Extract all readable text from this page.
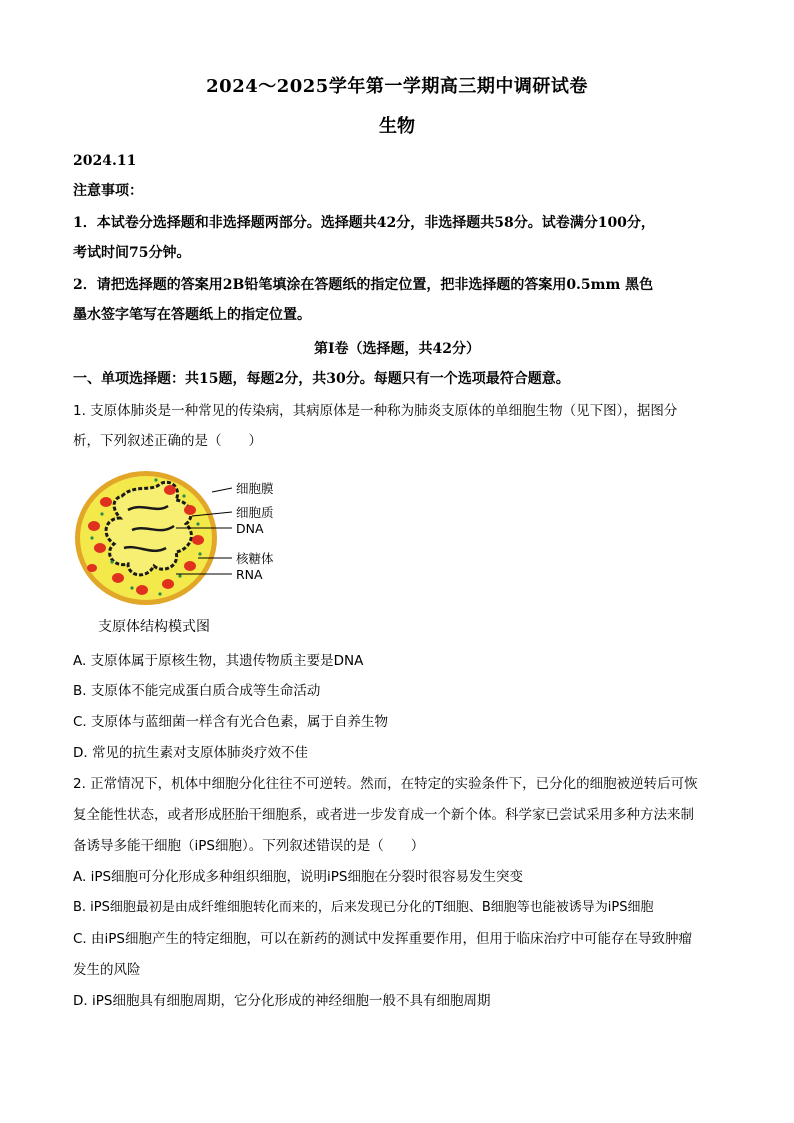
2024～2025学年第一学期高三期中调研试卷
生物
2024.11
注意事项：
1．本试卷分选择题和非选择题两部分。选择题共42分，非选择题共58分。试卷满分100分，
考试时间75分钟。
2．请把选择题的答案用2B铅笔填涂在答题纸的指定位置，把非选择题的答案用0.5mm 黑色
墨水签字笔写在答题纸上的指定位置。
第Ⅰ卷（选择题，共42分）
一、单项选择题：共15题，每题2分，共30分。每题只有一个选项最符合题意。
1. 支原体肺炎是一种常见的传染病，其病原体是一种称为肺炎支原体的单细胞生物（见下图），据图分
析，下列叙述正确的是（　　）
细胞膜
细胞质
DNA
核糖体
RNA
支原体结构模式图
A. 支原体属于原核生物，其遗传物质主要是DNA
B. 支原体不能完成蛋白质合成等生命活动
C. 支原体与蓝细菌一样含有光合色素，属于自养生物
D. 常见的抗生素对支原体肺炎疗效不佳
2. 正常情况下，机体中细胞分化往往不可逆转。然而，在特定的实验条件下，已分化的细胞被逆转后可恢
复全能性状态，或者形成胚胎干细胞系，或者进一步发育成一个新个体。科学家已尝试采用多种方法来制
备诱导多能干细胞（iPS细胞）。下列叙述错误的是（　　）
A. iPS细胞可分化形成多种组织细胞，说明iPS细胞在分裂时很容易发生突变
B. iPS细胞最初是由成纤维细胞转化而来的，后来发现已分化的T细胞、B细胞等也能被诱导为iPS细胞
C. 由iPS细胞产生的特定细胞，可以在新药的测试中发挥重要作用，但用于临床治疗中可能存在导致肿瘤
发生的风险
D. iPS细胞具有细胞周期，它分化形成的神经细胞一般不具有细胞周期
